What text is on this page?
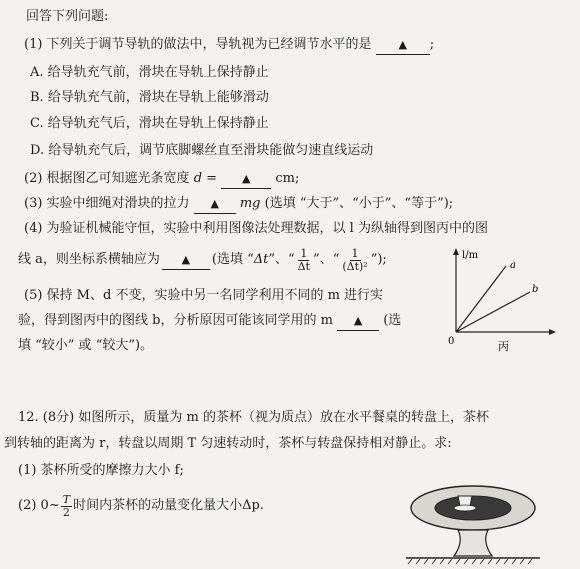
回答下列问题:
(1) 下列关于调节导轨的做法中，导轨视为已经调节水平的是 ▲ ;
A. 给导轨充气前，滑块在导轨上保持静止
B. 给导轨充气前，滑块在导轨上能够滑动
C. 给导轨充气后，滑块在导轨上保持静止
D. 给导轨充气后，调节底脚螺丝直至滑块能做匀速直线运动
(2) 根据图乙可知遮光条宽度 d = ▲ cm;
(3) 实验中细绳对滑块的拉力 ▲ mg (选填 “大于”、“小于”、“等于”);
(4) 为验证机械能守恒，实验中利用图像法处理数据，以 l 为纵轴得到图丙中的图
线 a，则坐标系横轴应为	▲	(选填 “ Δt ”、“ $\frac{1}{\Delta t}$ ”、“ $\frac{1}{\text{(Δt)²}}$ ”);
(5) 保持 M、d 不变，实验中另一名同学利用不同的 m 进行实
验，得到图丙中的图线 b，分析原因可能该同学用的 m ▲ (选
填 “较小” 或 “较大”)。
l/m
a
b
0	丙
12. (8分) 如图所示，质量为 m 的茶杯（视为质点）放在水平餐桌的转盘上，茶杯
到转轴的距离为 r，转盘以周期 T 匀速转动时，茶杯与转盘保持相对静止。求:
(1) 茶杯所受的摩擦力大小 f;
(2) 0~ $\frac{T}{2}$ 时间内茶杯的动量变化量大小Δp.
